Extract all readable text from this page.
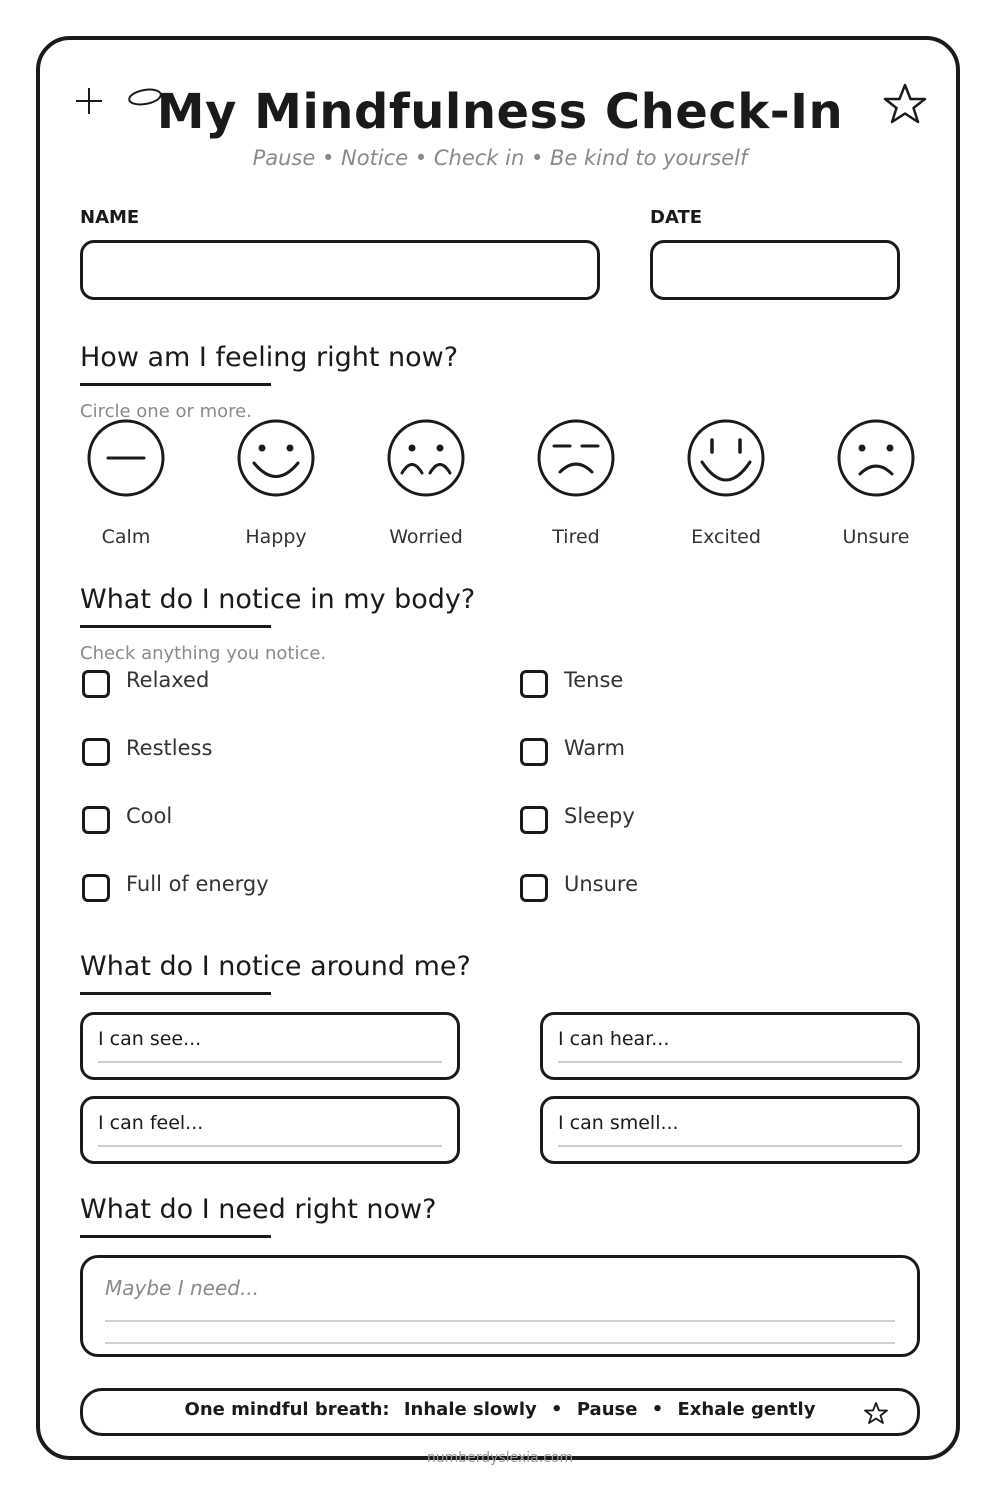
My Mindfulness Check-In
Pause • Notice • Check in • Be kind to yourself
NAME	DATE
How am I feeling right now?
Circle one or more.
Calm	Happy	Worried	Tired	Excited	Unsure
What do I notice in my body?
Check anything you notice.
Relaxed
Restless
Cool
Full of energy
Tense
Warm
Sleepy
Unsure
What do I notice around me?
I can see...	I can hear...
I can feel...	I can smell...
What do I need right now?
Maybe I need...
One mindful breath: Inhale slowly • Pause • Exhale gently
numberdyslexia.com
